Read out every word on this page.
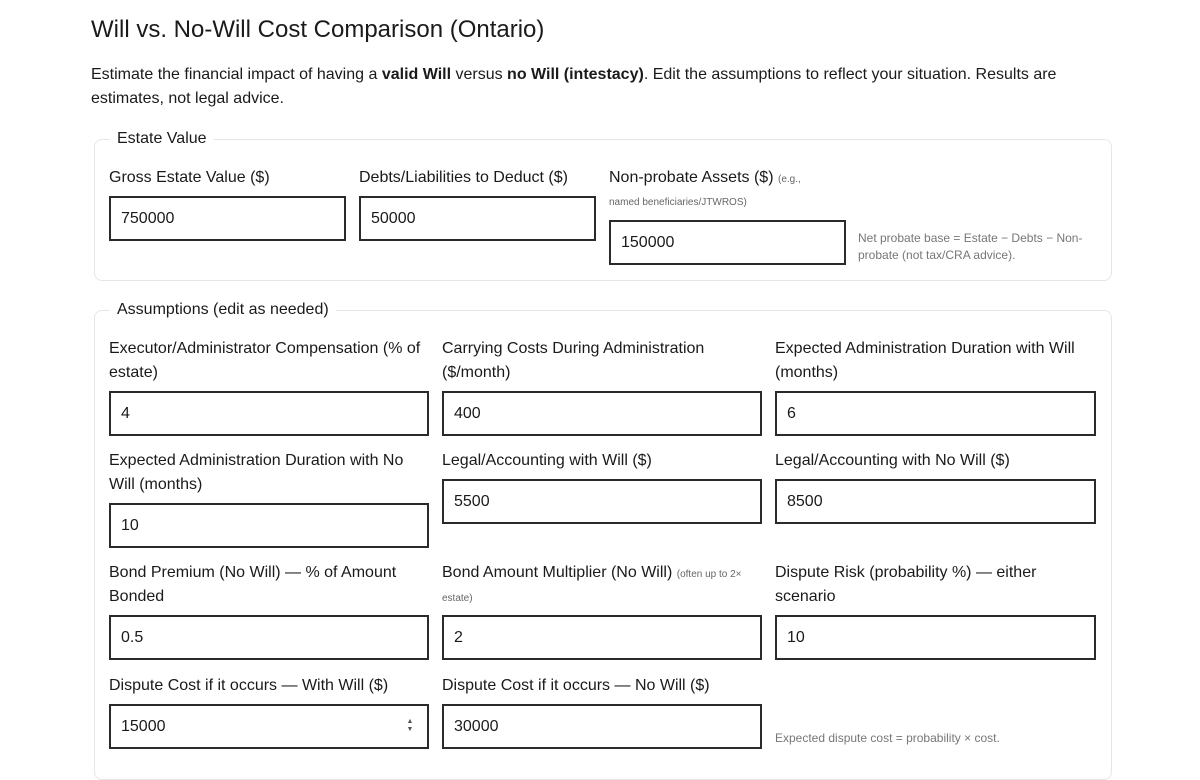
Will vs. No-Will Cost Comparison (Ontario)

Estimate the financial impact of having a valid Will versus no Will (intestacy). Edit the assumptions to reflect your situation. Results are estimates, not legal advice.

Estate Value
Gross Estate Value ($)
750000	Debts/Liabilities to Deduct ($)
50000	Non-probate Assets ($) (e.g.,
named beneficiaries/JTWROS)
150000
Net probate base = Estate − Debts − Non-probate (not tax/CRA advice).
Assumptions (edit as needed)
Executor/Administrator Compensation (% of estate)
4
Carrying Costs During Administration ($/month)
400
Expected Administration Duration with Will (months)
6
Expected Administration Duration with No Will (months)
10
Legal/Accounting with Will ($)
5500	Legal/Accounting with No Will ($)
8500
Bond Premium (No Will) — % of Amount Bonded
0.5
Bond Amount Multiplier (No Will) (often up to 2× estate)
2
Dispute Risk (probability %) — either scenario
10
Dispute Cost if it occurs — With Will ($)
15000
▲
▼
Dispute Cost if it occurs — No Will ($)
30000
Expected dispute cost = probability × cost.
